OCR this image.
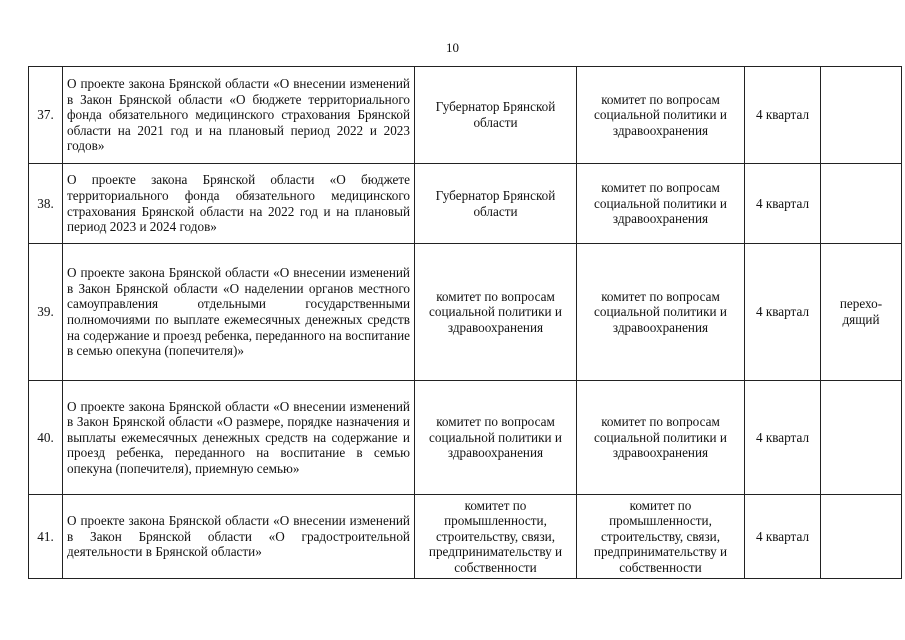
10
37.	О проекте закона Брянской области «О внесении изменений в Закон Брянской области «О бюджете территориального фонда обязательного медицинского страхования Брянской области на 2021 год и на плановый период 2022 и 2023 годов»	Губернатор Брянской области	комитет по вопросам социальной политики и здравоохранения	4 квартал	
38.	О проекте закона Брянской области «О бюджете территориального фонда обязательного медицинского страхования Брянской области на 2022 год и на плановый период 2023 и 2024 годов»	Губернатор Брянской области	комитет по вопросам социальной политики и здравоохранения	4 квартал	
39.	О проекте закона Брянской области «О внесении изменений в Закон Брянской области «О наделении органов местного самоуправления отдельными государственными полномочиями по выплате ежемесячных денежных средств на содержание и проезд ребенка, переданного на воспитание в семью опекуна (попечителя)»	комитет по вопросам социальной политики и здравоохранения	комитет по вопросам социальной политики и здравоохранения	4 квартал	перехо-дящий
40.	О проекте закона Брянской области «О внесении изменений в Закон Брянской области «О размере, порядке назначения и выплаты ежемесячных денежных средств на содержание и проезд ребенка, переданного на воспитание в семью опекуна (попечителя), приемную семью»	комитет по вопросам социальной политики и здравоохранения	комитет по вопросам социальной политики и здравоохранения	4 квартал	
41.	О проекте закона Брянской области «О внесении изменений в Закон Брянской области «О градостроительной деятельности в Брянской области»	комитет по промышленности, строительству, связи, предпринимательству и собственности	комитет по промышленности, строительству, связи, предпринимательству и собственности	4 квартал	
